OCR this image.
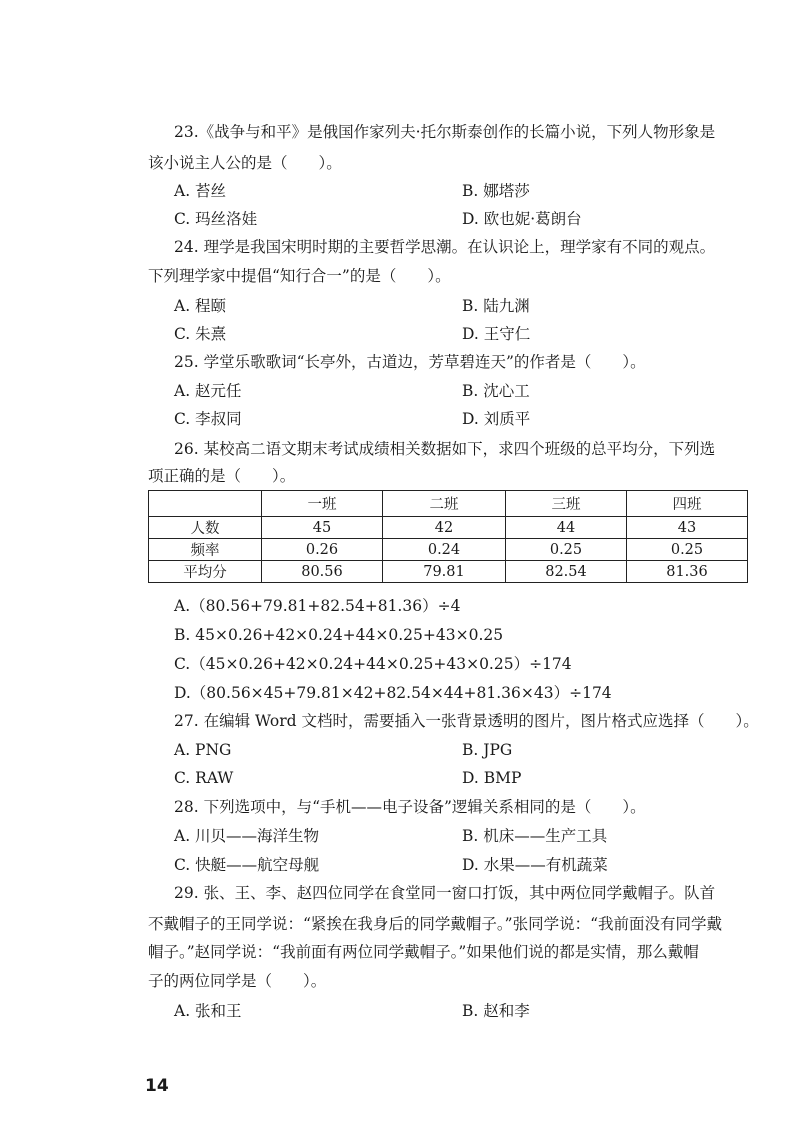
23.《战争与和平》是俄国作家列夫·托尔斯泰创作的长篇小说，下列人物形象是
该小说主人公的是（　　）。
A. 苔丝	B. 娜塔莎
C. 玛丝洛娃	D. 欧也妮·葛朗台
24. 理学是我国宋明时期的主要哲学思潮。在认识论上，理学家有不同的观点。
下列理学家中提倡“知行合一”的是（　　）。
A. 程颐	B. 陆九渊
C. 朱熹	D. 王守仁
25. 学堂乐歌歌词“长亭外，古道边，芳草碧连天”的作者是（　　）。
A. 赵元任	B. 沈心工
C. 李叔同	D. 刘质平
26. 某校高二语文期末考试成绩相关数据如下，求四个班级的总平均分，下列选
项正确的是（　　）。
	一班	二班	三班	四班
人数	45	42	44	43
频率	0.26	0.24	0.25	0.25
平均分	80.56	79.81	82.54	81.36
A.（80.56+79.81+82.54+81.36）÷4
B. 45×0.26+42×0.24+44×0.25+43×0.25
C.（45×0.26+42×0.24+44×0.25+43×0.25）÷174
D.（80.56×45+79.81×42+82.54×44+81.36×43）÷174
27. 在编辑 Word 文档时，需要插入一张背景透明的图片，图片格式应选择（　　）。
A. PNG	B. JPG
C. RAW	D. BMP
28. 下列选项中，与“手机——电子设备”逻辑关系相同的是（　　）。
A. 川贝——海洋生物	B. 机床——生产工具
C. 快艇——航空母舰	D. 水果——有机蔬菜
29. 张、王、李、赵四位同学在食堂同一窗口打饭，其中两位同学戴帽子。队首
不戴帽子的王同学说：“紧挨在我身后的同学戴帽子。”张同学说：“我前面没有同学戴
帽子。”赵同学说：“我前面有两位同学戴帽子。”如果他们说的都是实情，那么戴帽
子的两位同学是（　　）。
A. 张和王	B. 赵和李
14
